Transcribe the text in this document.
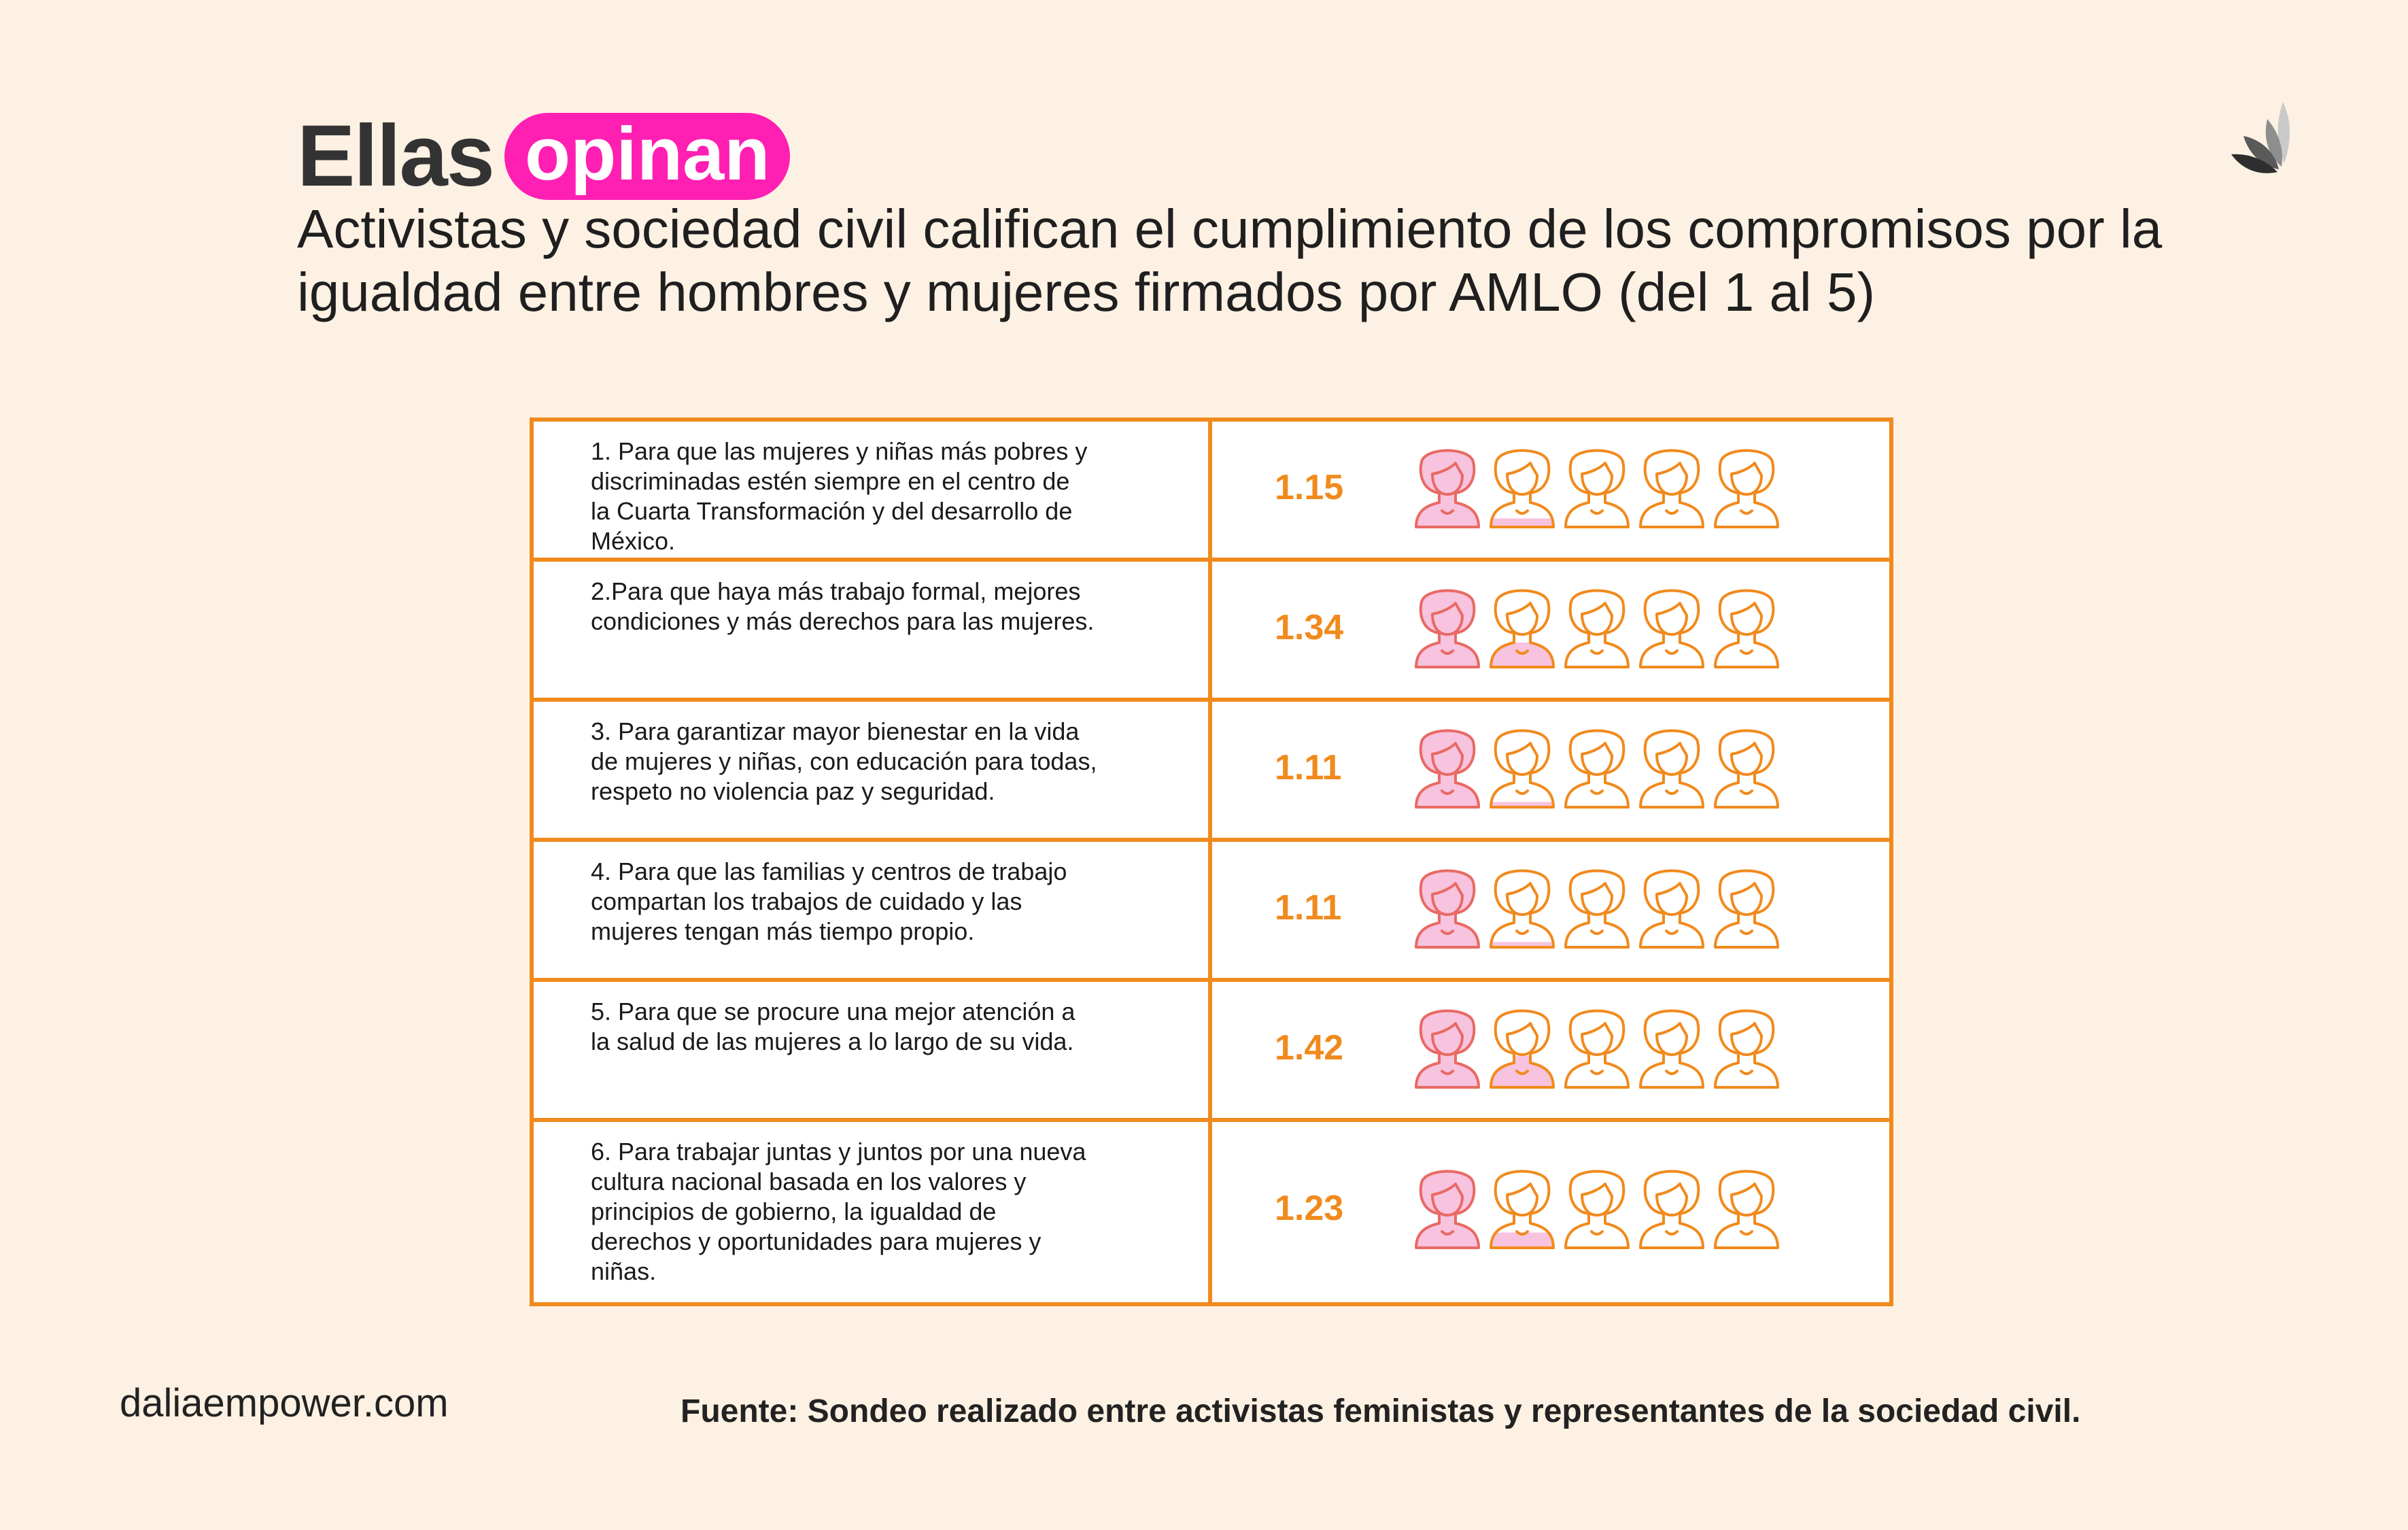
Ellas opinan
Activistas y sociedad civil califican el cumplimiento de los compromisos por la igualdad entre hombres y mujeres firmados por AMLO (del 1 al 5)
1. Para que las mujeres y niñas más pobres y
discriminadas estén siempre en el centro de
la Cuarta Transformación y del desarrollo de
México.
1.15
2.Para que haya más trabajo formal, mejores
condiciones y más derechos para las mujeres.	1.34
3. Para garantizar mayor bienestar en la vida
de mujeres y niñas, con educación para todas,
respeto no violencia paz y seguridad.
1.11
4. Para que las familias y centros de trabajo
compartan los trabajos de cuidado y las
mujeres tengan más tiempo propio.
1.11
5. Para que se procure una mejor atención a
la salud de las mujeres a lo largo de su vida.	1.42
6. Para trabajar juntas y juntos por una nueva
cultura nacional basada en los valores y
principios de gobierno, la igualdad de
derechos y oportunidades para mujeres y
niñas.
1.23
daliaempower.com	Fuente: Sondeo realizado entre activistas feministas y representantes de la sociedad civil.
